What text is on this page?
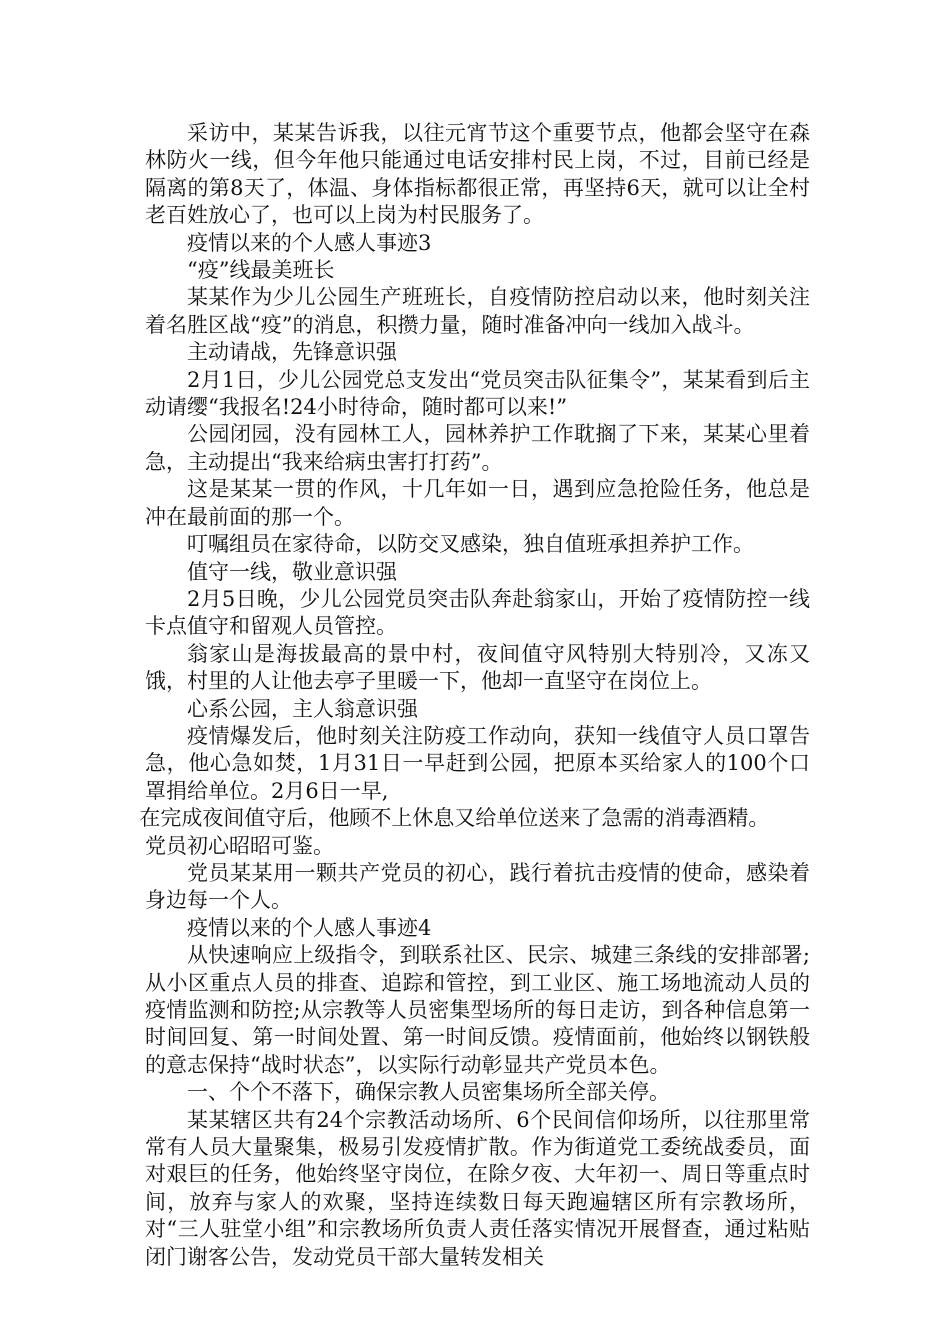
采访中，某某告诉我，以往元宵节这个重要节点，他都会坚守在森林防火一线，但今年他只能通过电话安排村民上岗，不过，目前已经是隔离的第8天了，体温、身体指标都很正常，再坚持6天，就可以让全村老百姓放心了，也可以上岗为村民服务了。

疫情以来的个人感人事迹3

“疫”线最美班长

某某作为少儿公园生产班班长，自疫情防控启动以来，他时刻关注着名胜区战“疫”的消息，积攒力量，随时准备冲向一线加入战斗。

主动请战，先锋意识强

2月1日，少儿公园党总支发出“党员突击队征集令”，某某看到后主动请缨“我报名!24小时待命，随时都可以来!”

公园闭园，没有园林工人，园林养护工作耽搁了下来，某某心里着急，主动提出“我来给病虫害打打药”。

这是某某一贯的作风，十几年如一日，遇到应急抢险任务，他总是冲在最前面的那一个。

叮嘱组员在家待命，以防交叉感染，独自值班承担养护工作。

值守一线，敬业意识强

2月5日晚，少儿公园党员突击队奔赴翁家山，开始了疫情防控一线卡点值守和留观人员管控。

翁家山是海拔最高的景中村，夜间值守风特别大特别冷，又冻又饿，村里的人让他去亭子里暖一下，他却一直坚守在岗位上。

心系公园，主人翁意识强

疫情爆发后，他时刻关注防疫工作动向，获知一线值守人员口罩告急，他心急如焚，1月31日一早赶到公园，把原本买给家人的100个口罩捐给单位。2月6日一早,

在完成夜间值守后，他顾不上休息又给单位送来了急需的消毒酒精。

党员初心昭昭可鉴。

党员某某用一颗共产党员的初心，践行着抗击疫情的使命，感染着身边每一个人。

疫情以来的个人感人事迹4

从快速响应上级指令，到联系社区、民宗、城建三条线的安排部署;从小区重点人员的排查、追踪和管控，到工业区、施工场地流动人员的疫情监测和防控;从宗教等人员密集型场所的每日走访，到各种信息第一时间回复、第一时间处置、第一时间反馈。疫情面前，他始终以钢铁般的意志保持“战时状态”，以实际行动彰显共产党员本色。

一、个个不落下，确保宗教人员密集场所全部关停。

某某辖区共有24个宗教活动场所、6个民间信仰场所，以往那里常常有人员大量聚集，极易引发疫情扩散。作为街道党工委统战委员，面对艰巨的任务，他始终坚守岗位，在除夕夜、大年初一、周日等重点时间，放弃与家人的欢聚，坚持连续数日每天跑遍辖区所有宗教场所，对“三人驻堂小组”和宗教场所负责人责任落实情况开展督查，通过粘贴闭门谢客公告，发动党员干部大量转发相关
